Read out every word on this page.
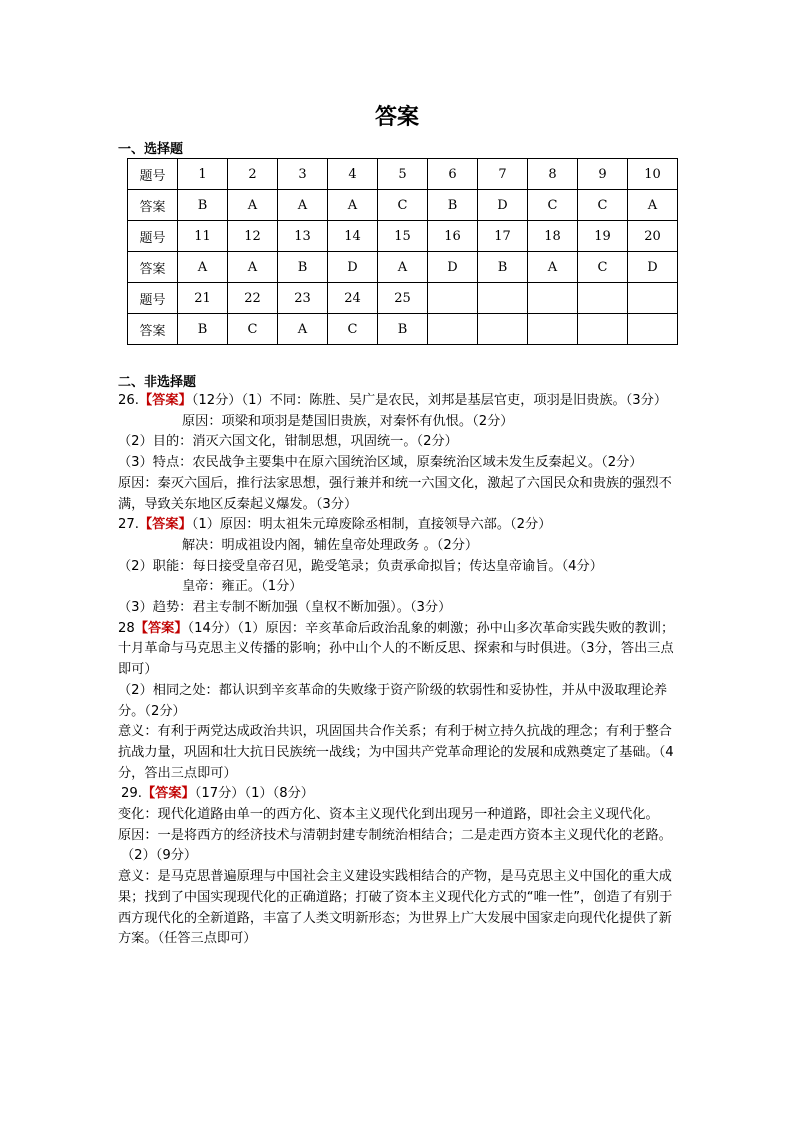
答案
一、选择题
题号	1	2	3	4	5	6	7	8	9	10
答案	B	A	A	A	C	B	D	C	C	A
题号	11	12	13	14	15	16	17	18	19	20
答案	A	A	B	D	A	D	B	A	C	D
题号	21	22	23	24	25					
答案	B	C	A	C	B					
二、非选择题

26.【答案】（12分）（1）不同：陈胜、吴广是农民，刘邦是基层官吏，项羽是旧贵族。（3分）

原因：项梁和项羽是楚国旧贵族，对秦怀有仇恨。（2分）

（2）目的：消灭六国文化，钳制思想，巩固统一。（2分）

（3）特点：农民战争主要集中在原六国统治区域，原秦统治区域未发生反秦起义。（2分）

原因：秦灭六国后，推行法家思想，强行兼并和统一六国文化，激起了六国民众和贵族的强烈不满，导致关东地区反秦起义爆发。（3分）

27.【答案】（1）原因：明太祖朱元璋废除丞相制，直接领导六部。（2分）

解决：明成祖设内阁，辅佐皇帝处理政务 。（2分）

（2）职能：每日接受皇帝召见，跪受笔录；负责承命拟旨；传达皇帝谕旨。（4分）

皇帝：雍正。（1分）

（3）趋势：君主专制不断加强（皇权不断加强）。（3分）

28【答案】（14分）（1）原因：辛亥革命后政治乱象的刺激；孙中山多次革命实践失败的教训；十月革命与马克思主义传播的影响；孙中山个人的不断反思、探索和与时俱进。（3分，答出三点即可）

（2）相同之处：都认识到辛亥革命的失败缘于资产阶级的软弱性和妥协性，并从中汲取理论养分。（2分）

意义：有利于两党达成政治共识，巩固国共合作关系；有利于树立持久抗战的理念；有利于整合抗战力量，巩固和壮大抗日民族统一战线；为中国共产党革命理论的发展和成熟奠定了基础。（4分，答出三点即可）

29.【答案】（17分）（1）（8分）

变化：现代化道路由单一的西方化、资本主义现代化到出现另一种道路，即社会主义现代化。

原因：一是将西方的经济技术与清朝封建专制统治相结合；二是走西方资本主义现代化的老路。

（2）（9分）

意义：是马克思普遍原理与中国社会主义建设实践相结合的产物，是马克思主义中国化的重大成果；找到了中国实现现代化的正确道路；打破了资本主义现代化方式的“唯一性”，创造了有别于西方现代化的全新道路，丰富了人类文明新形态；为世界上广大发展中国家走向现代化提供了新方案。（任答三点即可）
